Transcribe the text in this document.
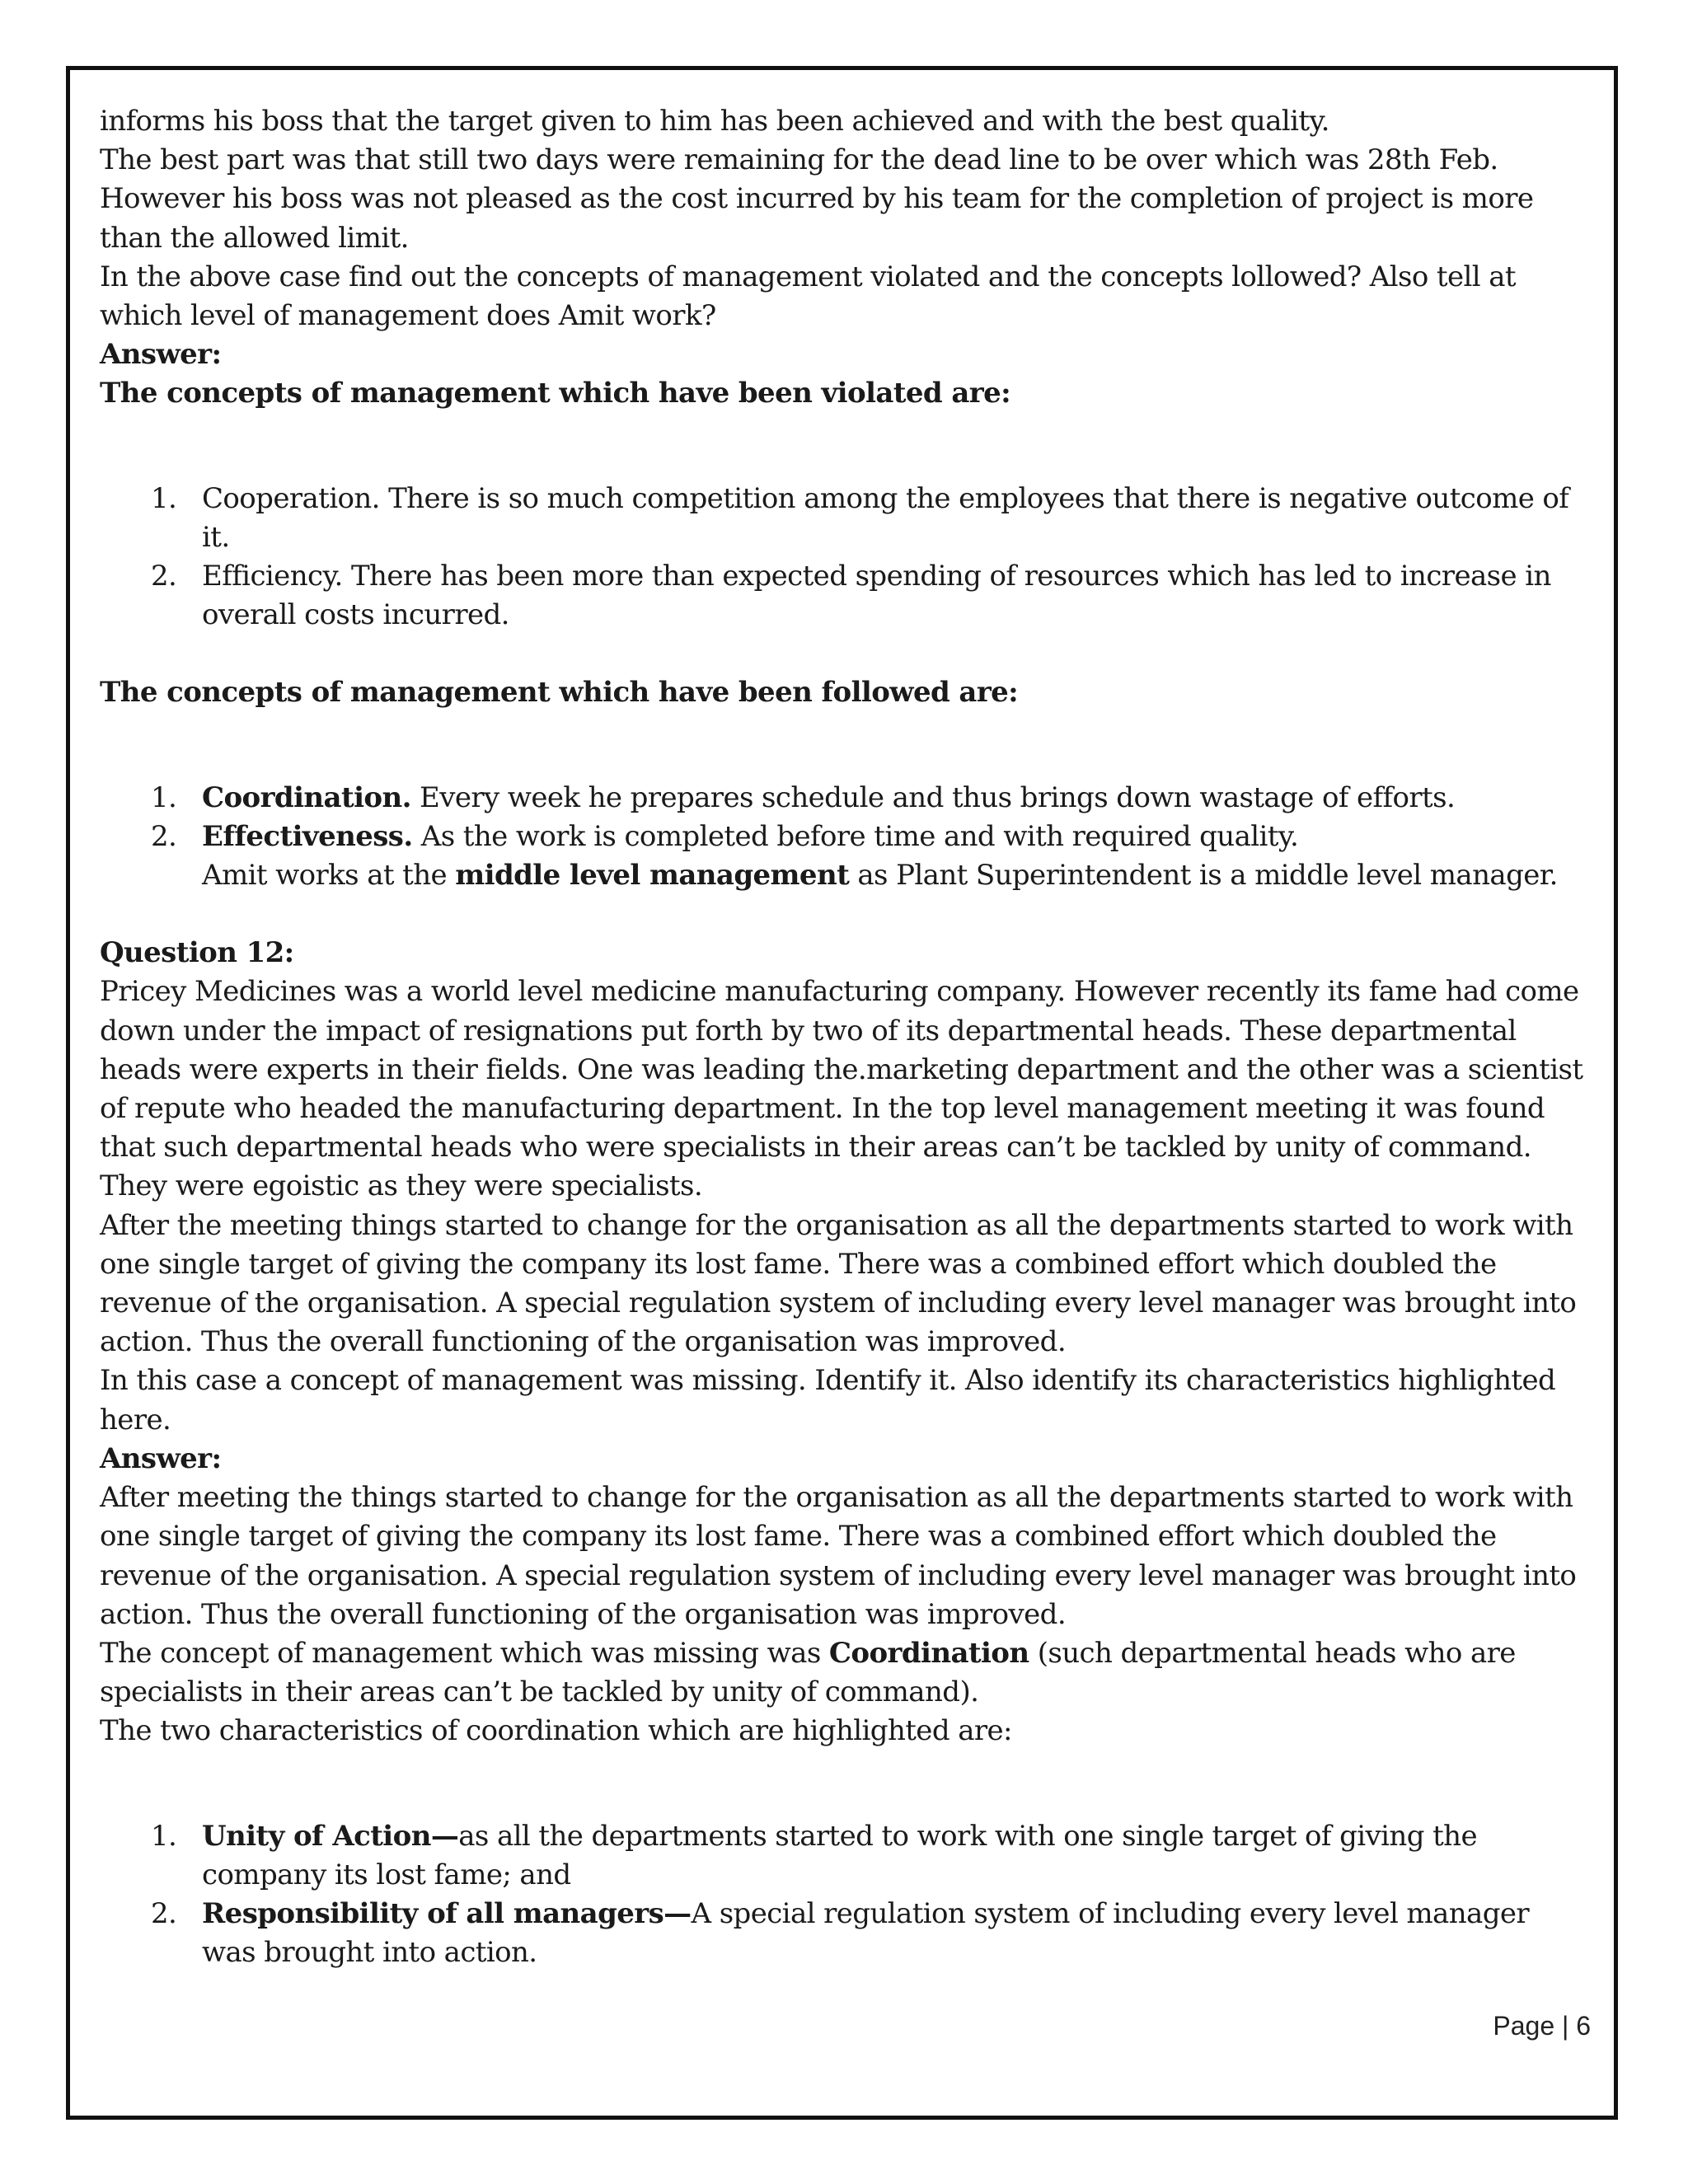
informs his boss that the target given to him has been achieved and with the best quality.

The best part was that still two days were remaining for the dead line to be over which was 28th Feb.

However his boss was not pleased as the cost incurred by his team for the completion of project is more than the allowed limit.

In the above case find out the concepts of management violated and the concepts lollowed? Also tell at which level of management does Amit work?

Answer:

The concepts of management which have been violated are:

1. Cooperation. There is so much competition among the employees that there is negative outcome of it.
2. Efficiency. There has been more than expected spending of resources which has led to increase in overall costs incurred.

The concepts of management which have been followed are:

1. Coordination. Every week he prepares schedule and thus brings down wastage of efforts.
2. Effectiveness. As the work is completed before time and with required quality.

Amit works at the middle level management as Plant Superintendent is a middle level manager.

Question 12:

Pricey Medicines was a world level medicine manufacturing company. However recently its fame had come down under the impact of resignations put forth by two of its departmental heads. These departmental heads were experts in their fields. One was leading the.marketing department and the other was a scientist of repute who headed the manufacturing department. In the top level management meeting it was found that such departmental heads who were specialists in their areas can’t be tackled by unity of command. They were egoistic as they were specialists.

After the meeting things started to change for the organisation as all the departments started to work with one single target of giving the company its lost fame. There was a combined effort which doubled the revenue of the organisation. A special regulation system of including every level manager was brought into action. Thus the overall functioning of the organisation was improved.

In this case a concept of management was missing. Identify it. Also identify its characteristics highlighted here.

Answer:

After meeting the things started to change for the organisation as all the departments started to work with one single target of giving the company its lost fame. There was a combined effort which doubled the revenue of the organisation. A special regulation system of including every level manager was brought into action. Thus the overall functioning of the organisation was improved.

The concept of management which was missing was Coordination (such departmental heads who are specialists in their areas can’t be tackled by unity of command).

The two characteristics of coordination which are highlighted are:

1. Unity of Action—as all the departments started to work with one single target of giving the company its lost fame; and
2. Responsibility of all managers—A special regulation system of including every level manager was brought into action.
Page | 6
